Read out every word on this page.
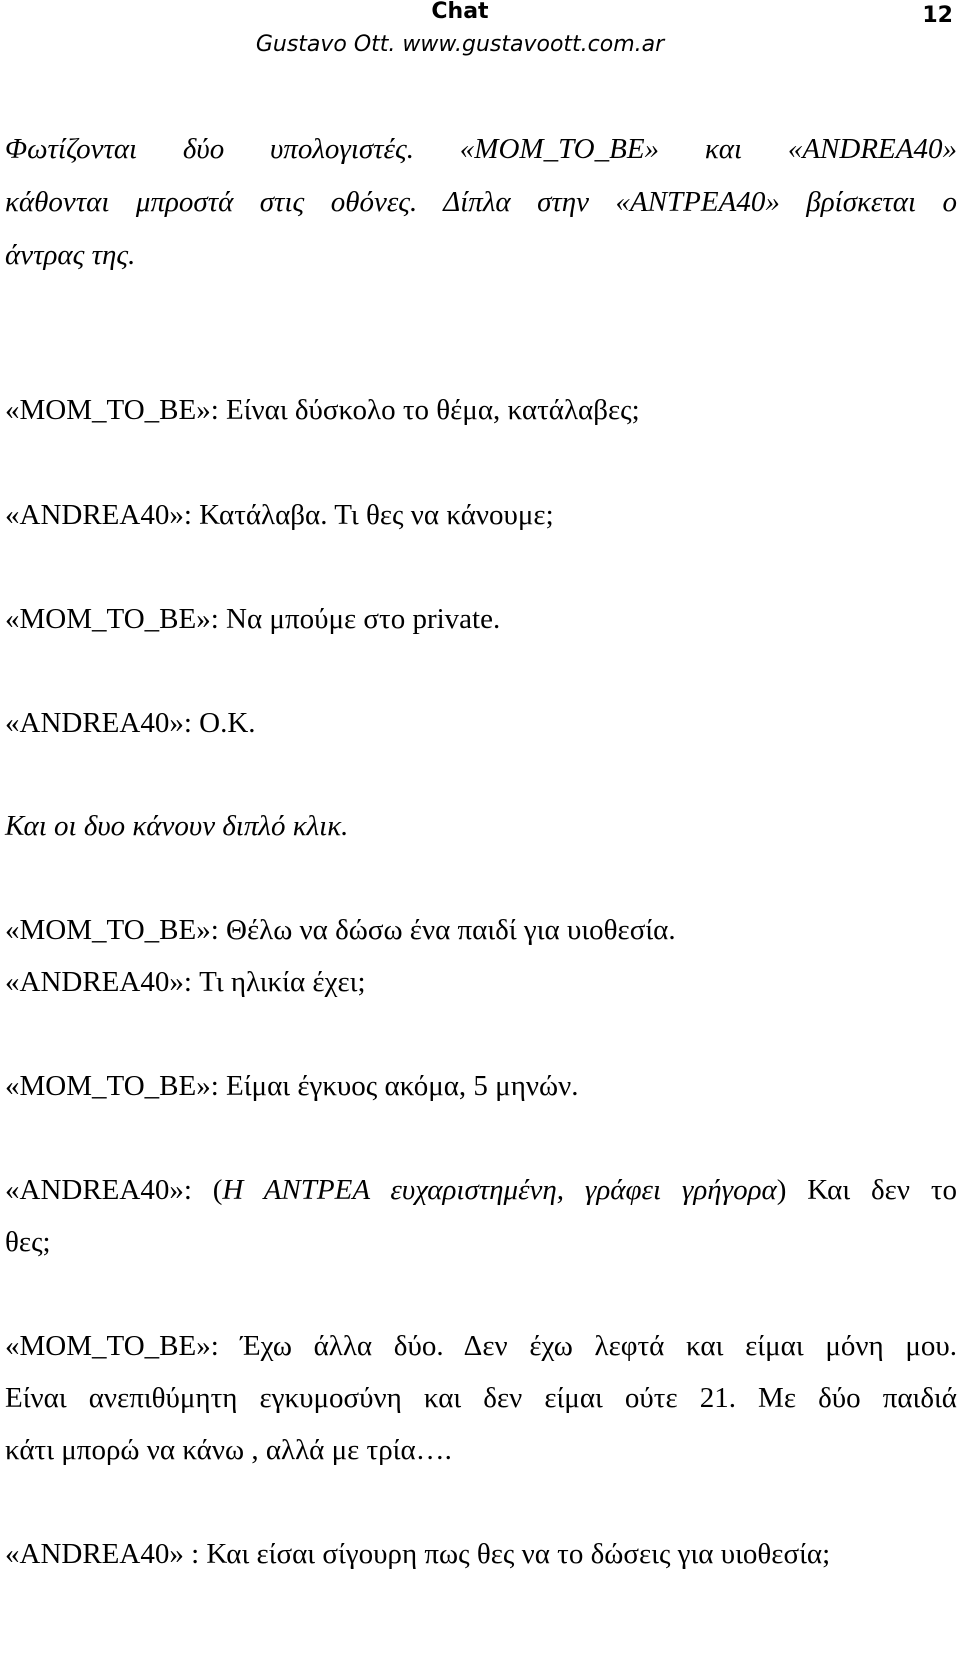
Chat	12
Gustavo Ott. www.gustavoott.com.ar

Φωτίζονται δύο υπολογιστές. «MOM_TO_BE» και «ANDREA40»

κάθονται μπροστά στις οθόνες. Δίπλα στην «ΑΝΤΡΕΑ40» βρίσκεται ο

άντρας της.

«MOM_TO_BE»: Είναι δύσκολο το θέμα, κατάλαβες;

«ANDREA40»: Κατάλαβα. Τι θες να κάνουμε;

«MOM_TO_BE»: Να μπούμε στο private.

«ANDREA40»: O.K.

Και οι δυο κάνουν διπλό κλικ.

«MOM_TO_BE»: Θέλω να δώσω ένα παιδί για υιοθεσία.

«ANDREA40»: Τι ηλικία έχει;

«MOM_TO_BE»: Είμαι έγκυος ακόμα, 5 μηνών.

«ANDREA40»: (Η ΑΝΤΡΕΑ ευχαριστημένη, γράφει γρήγορα) Και δεν το

θες;

«MOM_TO_BE»: Έχω άλλα δύο. Δεν έχω λεφτά και είμαι μόνη μου.

Είναι ανεπιθύμητη εγκυμοσύνη και δεν είμαι ούτε 21. Με δύο παιδιά

κάτι μπορώ να κάνω , αλλά με τρία….

«ANDREA40» : Και είσαι σίγουρη πως θες να το δώσεις για υιοθεσία;
